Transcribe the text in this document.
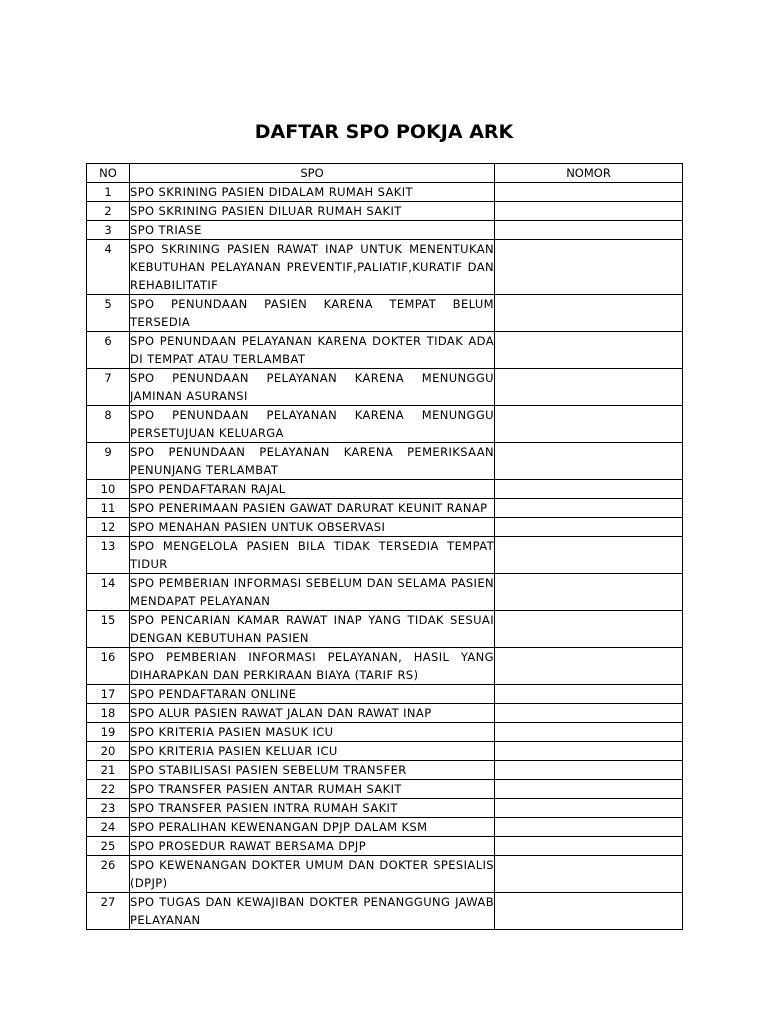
DAFTAR SPO POKJA ARK
NO	SPO	NOMOR
1	SPO SKRINING PASIEN DIDALAM RUMAH SAKIT	
2	SPO SKRINING PASIEN DILUAR RUMAH SAKIT	
3	SPO TRIASE	
4	SPO SKRINING PASIEN RAWAT INAP UNTUK MENENTUKAN KEBUTUHAN PELAYANAN PREVENTIF,PALIATIF,KURATIF DAN REHABILITATIF	
5	SPO PENUNDAAN PASIEN KARENA TEMPAT BELUM TERSEDIA	
6	SPO PENUNDAAN PELAYANAN KARENA DOKTER TIDAK ADA DI TEMPAT ATAU TERLAMBAT	
7	SPO PENUNDAAN PELAYANAN KARENA MENUNGGU JAMINAN ASURANSI	
8	SPO PENUNDAAN PELAYANAN KARENA MENUNGGU PERSETUJUAN KELUARGA	
9	SPO PENUNDAAN PELAYANAN KARENA PEMERIKSAAN PENUNJANG TERLAMBAT	
10	SPO PENDAFTARAN RAJAL	
11	SPO PENERIMAAN PASIEN GAWAT DARURAT KEUNIT RANAP	
12	SPO MENAHAN PASIEN UNTUK OBSERVASI	
13	SPO MENGELOLA PASIEN BILA TIDAK TERSEDIA TEMPAT TIDUR	
14	SPO PEMBERIAN INFORMASI SEBELUM DAN SELAMA PASIEN MENDAPAT PELAYANAN	
15	SPO PENCARIAN KAMAR RAWAT INAP YANG TIDAK SESUAI DENGAN KEBUTUHAN PASIEN	
16	SPO PEMBERIAN INFORMASI PELAYANAN, HASIL YANG DIHARAPKAN DAN PERKIRAAN BIAYA (TARIF RS)	
17	SPO PENDAFTARAN ONLINE	
18	SPO ALUR PASIEN RAWAT JALAN DAN RAWAT INAP	
19	SPO KRITERIA PASIEN MASUK ICU	
20	SPO KRITERIA PASIEN KELUAR ICU	
21	SPO STABILISASI PASIEN SEBELUM TRANSFER	
22	SPO TRANSFER PASIEN ANTAR RUMAH SAKIT	
23	SPO TRANSFER PASIEN INTRA RUMAH SAKIT	
24	SPO PERALIHAN KEWENANGAN DPJP DALAM KSM	
25	SPO PROSEDUR RAWAT BERSAMA DPJP	
26	SPO KEWENANGAN DOKTER UMUM DAN DOKTER SPESIALIS (DPJP)	
27	SPO TUGAS DAN KEWAJIBAN DOKTER PENANGGUNG JAWAB PELAYANAN	
